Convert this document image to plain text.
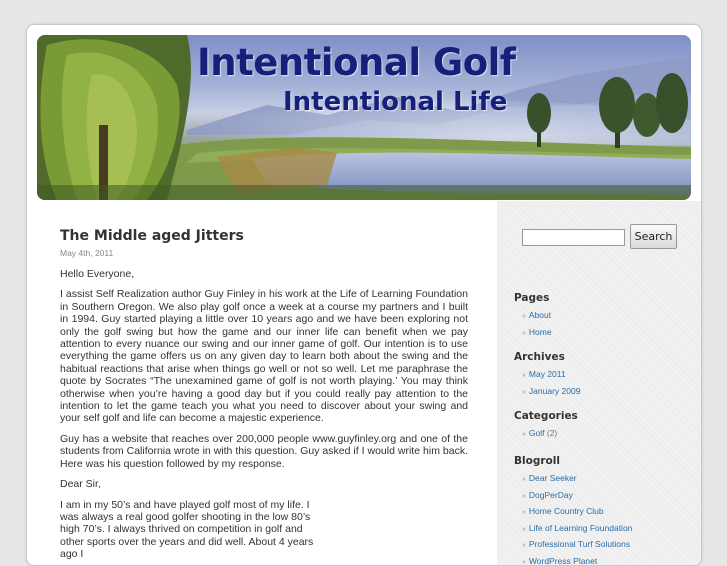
Intentional Golf
Intentional Life
The Middle aged Jitters
May 4th, 2011

Hello Everyone,

I assist Self Realization author Guy Finley in his work at the Life of Learning Foundation in Southern Oregon. We also play golf once a week at a course my partners and I built in 1994. Guy started playing a little over 10 years ago and we have been exploring not only the golf swing but how the game and our inner life can benefit when we pay attention to every nuance our swing and our inner game of golf. Our intention is to use everything the game offers us on any given day to learn both about the swing and the habitual reactions that arise when things go well or not so well. Let me paraphrase the quote by Socrates “The unexamined game of golf is not worth playing.’ You may think otherwise when you’re having a good day but if you could really pay attention to the intention to let the game teach you what you need to discover about your swing and your self golf and life can become a majestic experience.

Guy has a website that reaches over 200,000 people www.guyfinley.org and one of the students from California wrote in with this question. Guy asked if I would write him back. Here was his question followed by my response.

Dear Sir,

I am in my 50’s and have played golf most of my life. I was always a real good golfer shooting in the low 80’s high 70’s. I always thrived on competition in golf and other sports over the years and did well. About 4 years ago I

Search
Pages
» About
» Home
Archives
» May 2011
» January 2009
Categories
» Golf (2)
Blogroll
» Dear Seeker
» DogPerDay
» Home Country Club
» Life of Learning Foundation
» Professional Turf Solutions
» WordPress Planet
